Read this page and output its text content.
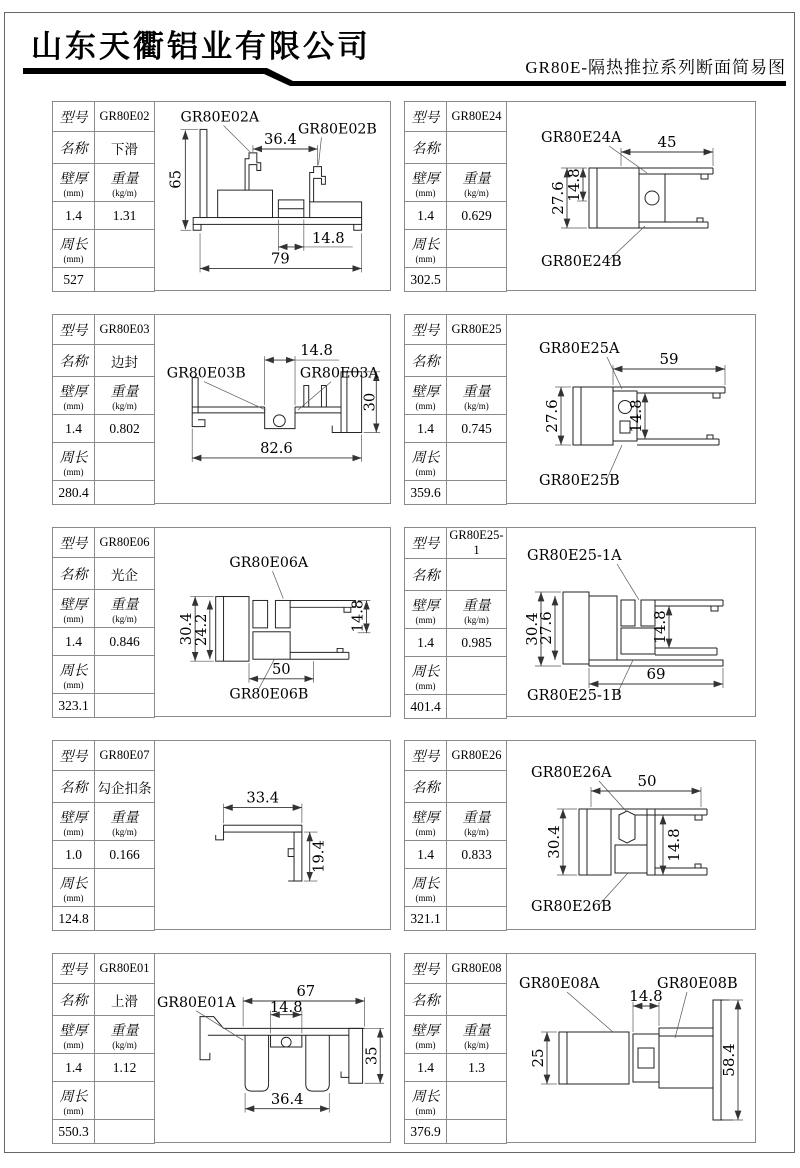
山东天衢铝业有限公司
GR80E-隔热推拉系列断面简易图
型号	GR80E02
名称	下滑
壁厚
(mm)	重量
(kg/m)

1.4	1.31
周长
(mm)	

527	
65
36.4
14.8
79
GR80E02A
GR80E02B
型号	GR80E24
名称	
壁厚
(mm)	重量
(kg/m)

1.4	0.629
周长
(mm)	

302.5	
45
27.6
14.8
GR80E24A
GR80E24B
型号	GR80E03
名称	边封
壁厚
(mm)	重量
(kg/m)

1.4	0.802
周长
(mm)	

280.4	
14.8
30
82.6
GR80E03B	GR80E03A
型号	GR80E25
名称	
壁厚
(mm)	重量
(kg/m)

1.4	0.745
周长
(mm)	

359.6	
59
27.6	14.8
GR80E25A
GR80E25B
型号	GR80E06
名称	光企
壁厚
(mm)	重量
(kg/m)

1.4	0.846
周长
(mm)	

323.1	
30.4
24.2	14.8
50
GR80E06A
GR80E06B
型号	GR80E25-1
名称	
壁厚
(mm)	重量
(kg/m)

1.4	0.985
周长
(mm)	

401.4	
30.4
27.6	14.8
69
GR80E25-1A
GR80E25-1B
型号	GR80E07
名称	勾企扣条
壁厚
(mm)	重量
(kg/m)

1.0	0.166
周长
(mm)	

124.8	
33.4
19.4
型号	GR80E26
名称	
壁厚
(mm)	重量
(kg/m)

1.4	0.833
周长
(mm)	

321.1	
50
30.4	14.8
GR80E26A
GR80E26B
型号	GR80E01
名称	上滑
壁厚
(mm)	重量
(kg/m)

1.4	1.12
周长
(mm)	

550.3	
67
14.8
35
36.4
GR80E01A
型号	GR80E08
名称	
壁厚
(mm)	重量
(kg/m)

1.4	1.3
周长
(mm)	

376.9	
14.8
25	58.4
GR80E08A	GR80E08B
